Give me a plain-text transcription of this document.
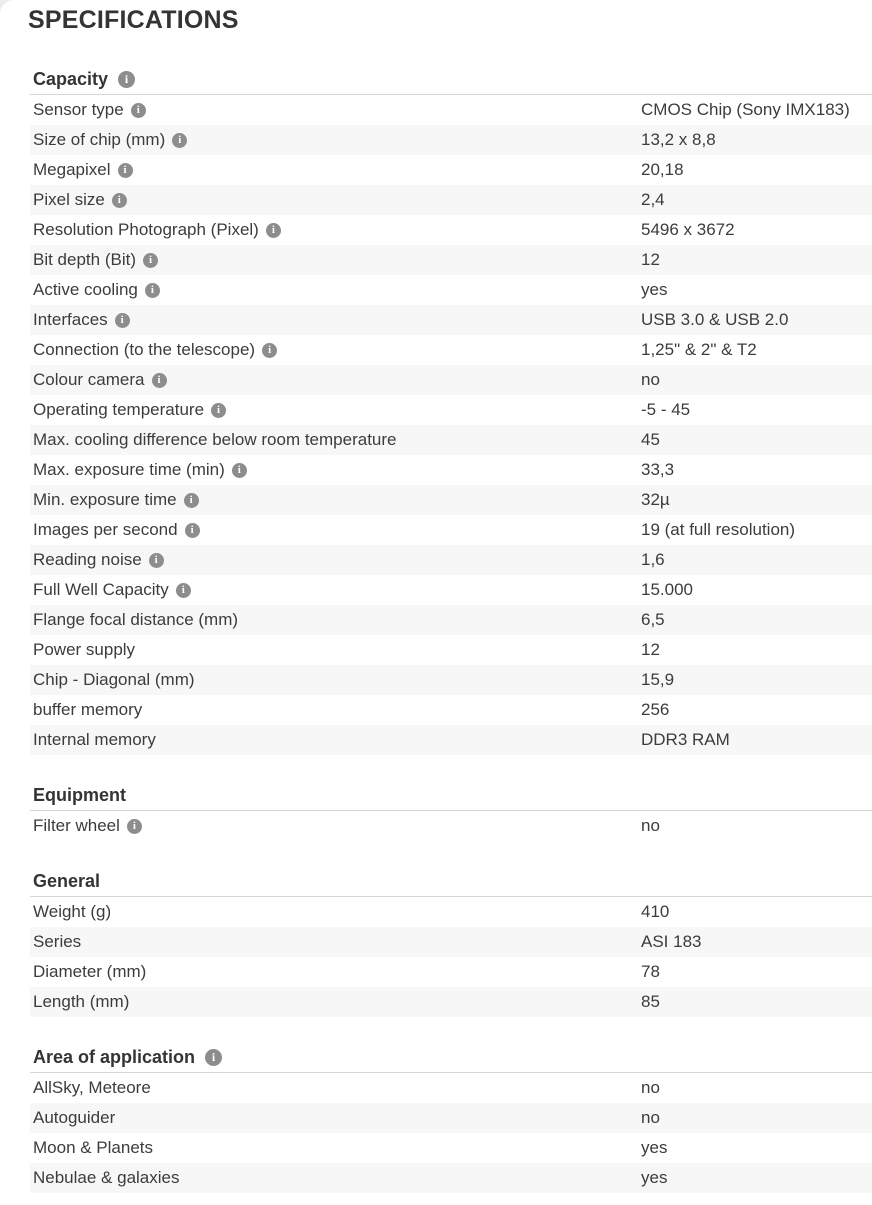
SPECIFICATIONS
Capacity i
Sensor type i	CMOS Chip (Sony IMX183)
Size of chip (mm) i	13,2 x 8,8
Megapixel i	20,18
Pixel size i	2,4
Resolution Photograph (Pixel) i	5496 x 3672
Bit depth (Bit) i	12
Active cooling i	yes
Interfaces i	USB 3.0 & USB 2.0
Connection (to the telescope) i	1,25" & 2" & T2
Colour camera i	no
Operating temperature i	-5 - 45
Max. cooling difference below room temperature	45
Max. exposure time (min) i	33,3
Min. exposure time i	32µ
Images per second i	19 (at full resolution)
Reading noise i	1,6
Full Well Capacity i	15.000
Flange focal distance (mm)	6,5
Power supply	12
Chip - Diagonal (mm)	15,9
buffer memory	256
Internal memory	DDR3 RAM
Equipment
Filter wheel i	no
General
Weight (g)	410
Series	ASI 183
Diameter (mm)	78
Length (mm)	85
Area of application i
AllSky, Meteore	no
Autoguider	no
Moon & Planets	yes
Nebulae & galaxies	yes
